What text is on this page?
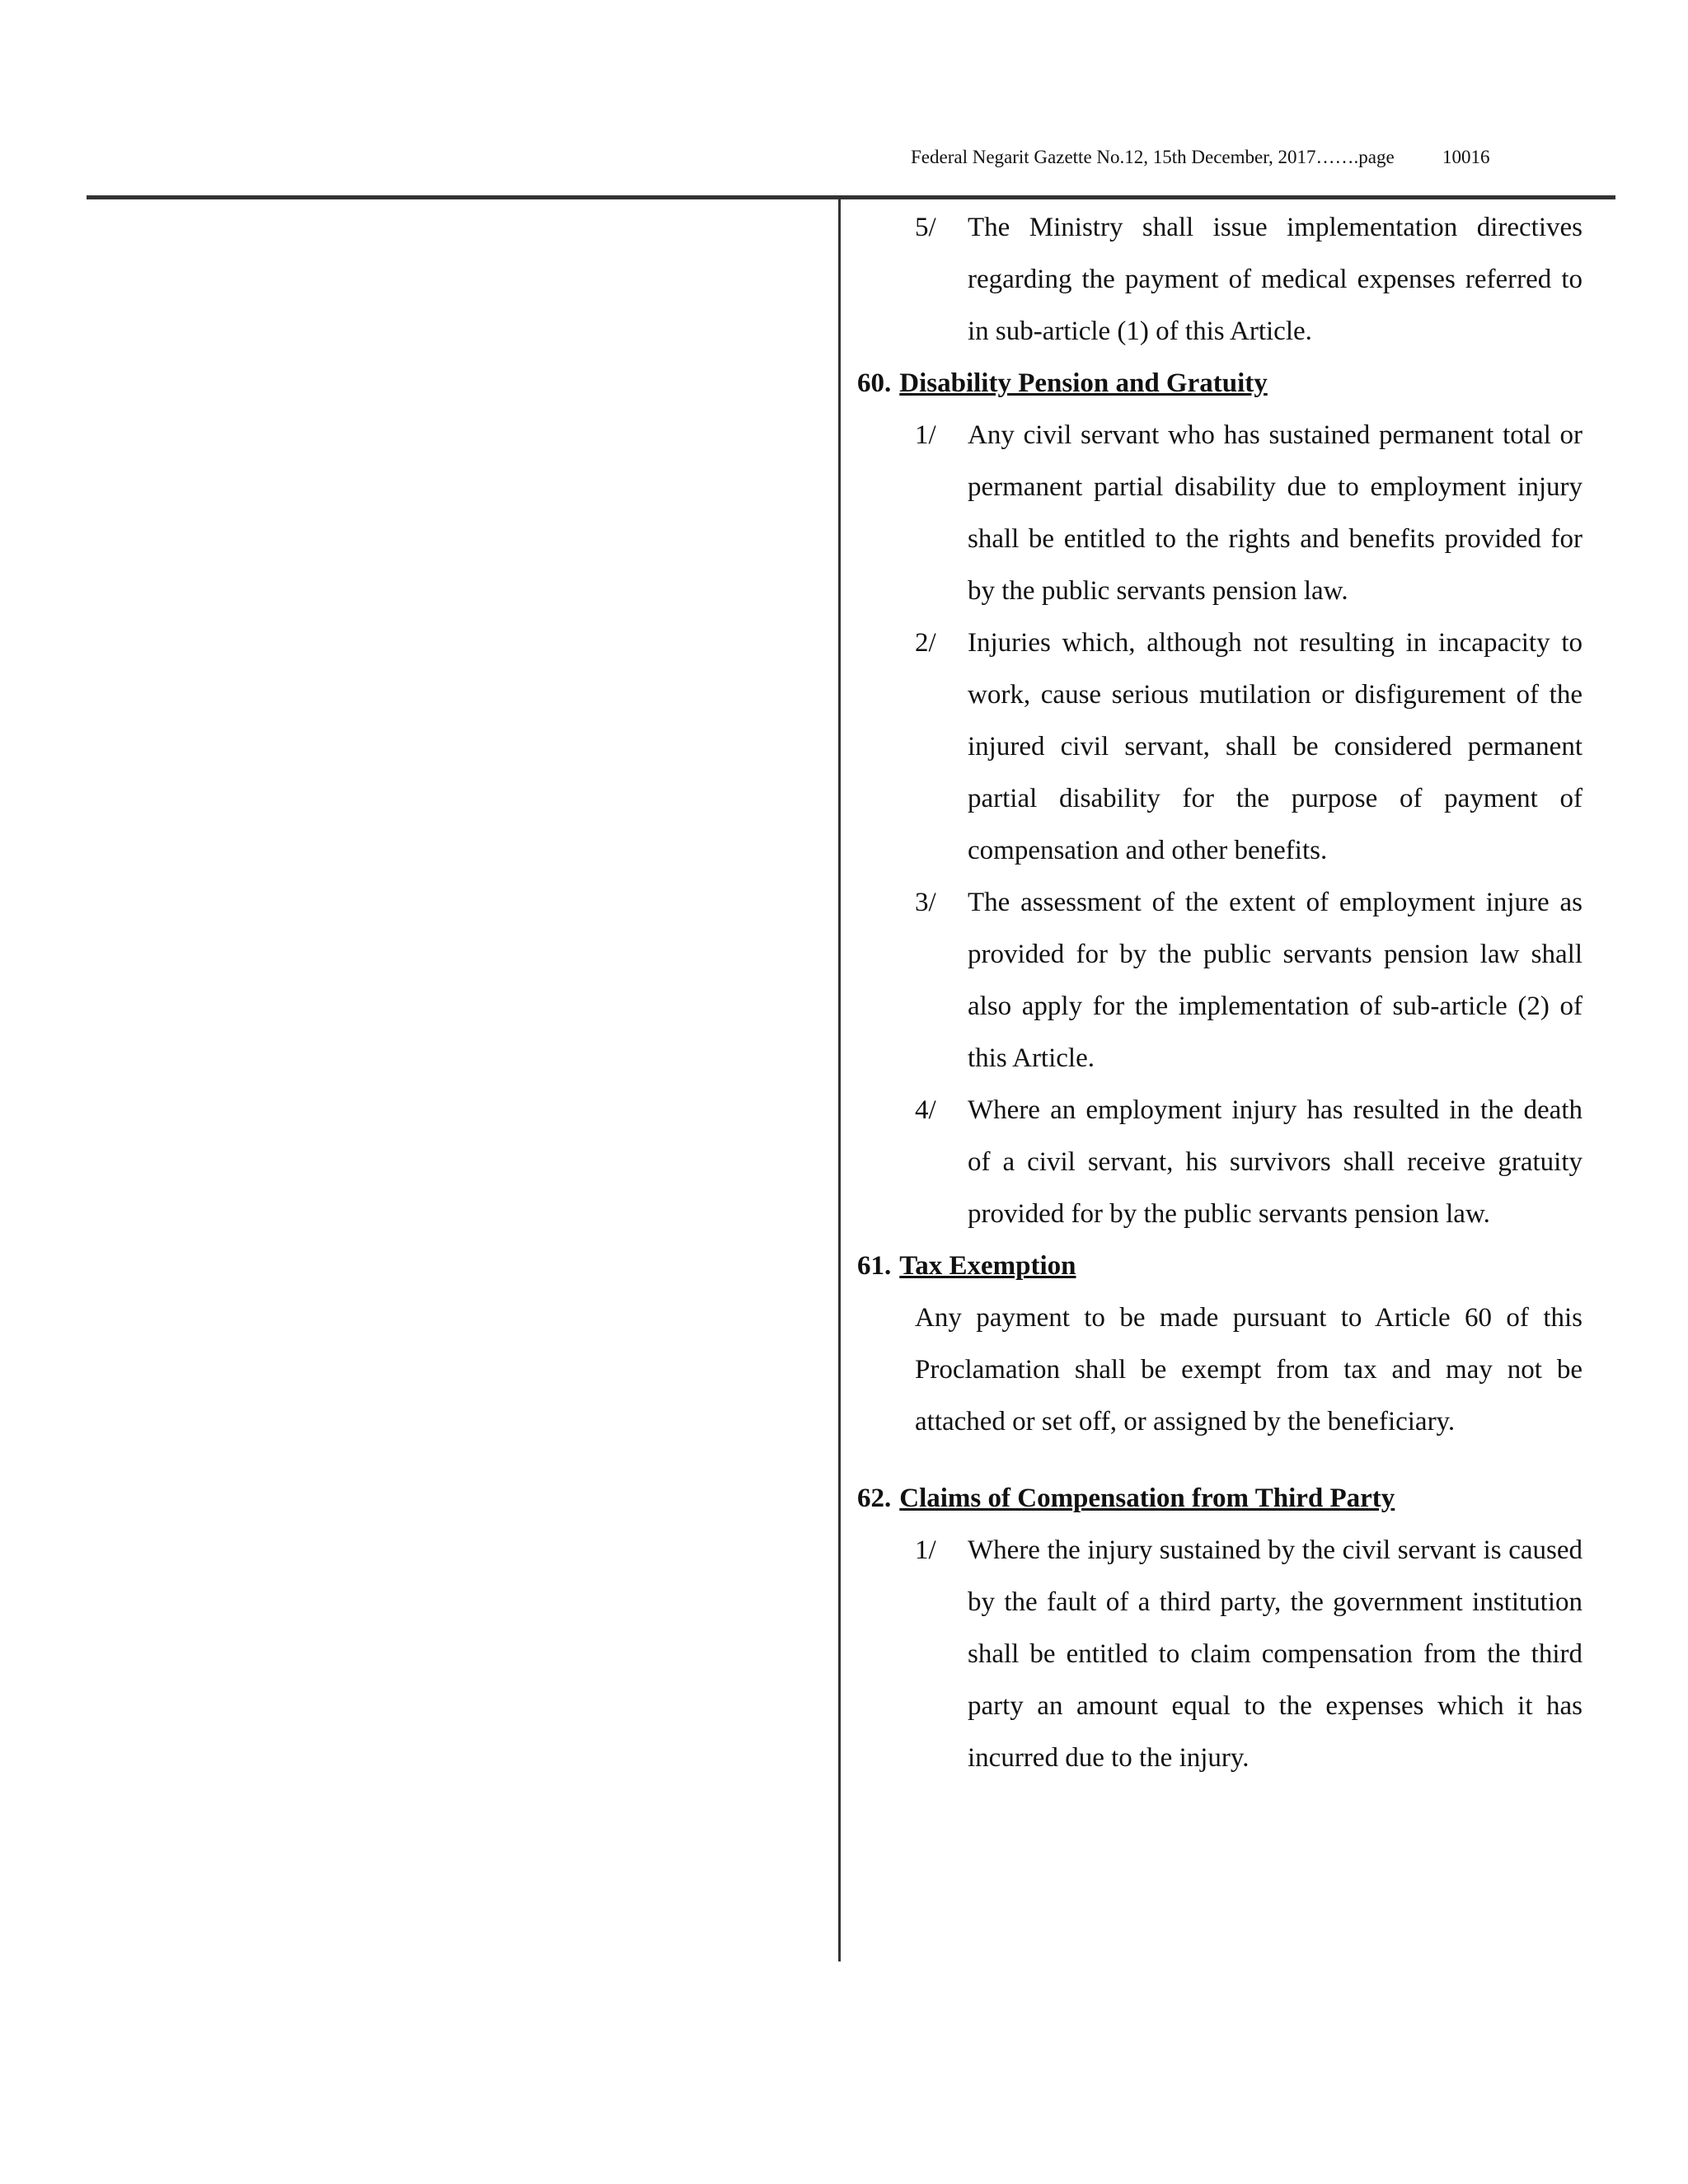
Federal Negarit Gazette No.12, 15th December, 2017…….page	10016
5/	The Ministry shall issue implementation directives regarding the payment of medical expenses referred to in sub-article (1) of this Article.

60. Disability Pension and Gratuity

1/	Any civil servant who has sustained permanent total or permanent partial disability due to employment injury shall be entitled to the rights and benefits provided for by the public servants pension law.
2/	Injuries which, although not resulting in incapacity to work, cause serious mutilation or disfigurement of the injured civil servant, shall be considered permanent partial disability for the purpose of payment of compensation and other benefits.
3/	The assessment of the extent of employment injure as provided for by the public servants pension law shall also apply for the implementation of sub-article (2) of this Article.
4/	Where an employment injury has resulted in the death of a civil servant, his survivors shall receive gratuity provided for by the public servants pension law.

61. Tax Exemption

Any payment to be made pursuant to Article 60 of this Proclamation shall be exempt from tax and may not be attached or set off, or assigned by the beneficiary.

62. Claims of Compensation from Third Party

1/	Where the injury sustained by the civil servant is caused by the fault of a third party, the government institution shall be entitled to claim compensation from the third party an amount equal to the expenses which it has incurred due to the injury.
